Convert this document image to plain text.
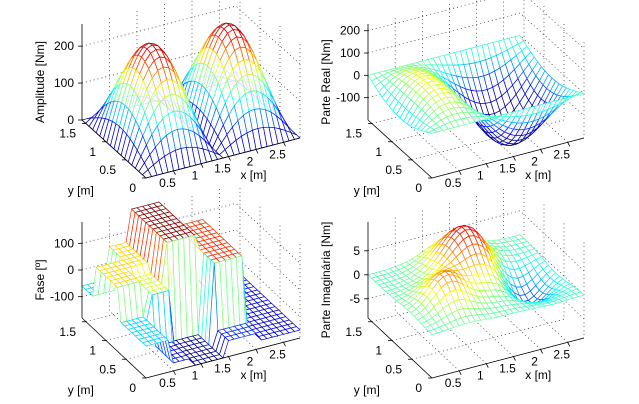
0.5
1
1.5
2
2.5
0
0.5
1
1.5
0
100
200
x [m]
y [m]
Amplitude [Nm]
0.5
1
1.5
2
2.5
0
0.5
1
1.5
-100
0
100
200
x [m]
y [m]
Parte Real [Nm]
0.5
1
1.5
2
2.5
0
0.5
1
1.5
-100
0
100
x [m]
y [m]
Fase [º]
0.5
1
1.5
2
2.5
0
0.5
1
1.5
-5
0
5
x [m]
y [m]
Parte Imaginária [Nm]
